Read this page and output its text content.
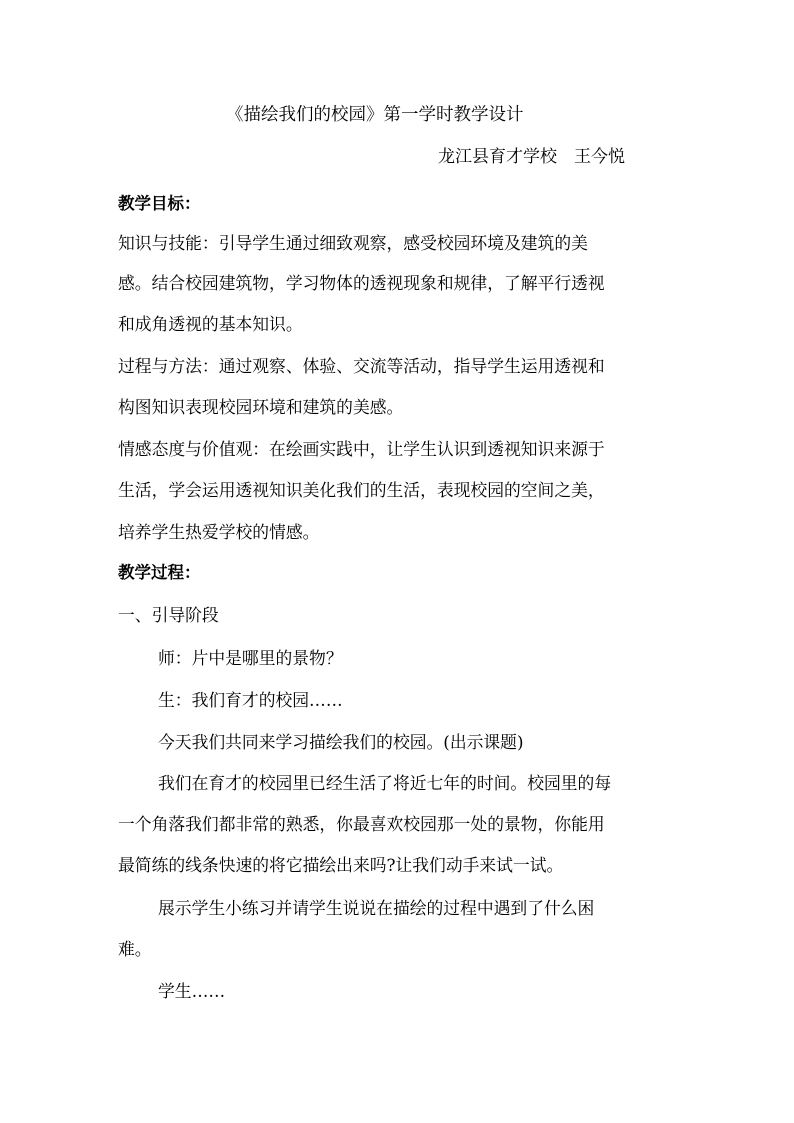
《描绘我们的校园》第一学时教学设计
龙江县育才学校　王今悦
教学目标：
知识与技能：引导学生通过细致观察，感受校园环境及建筑的美
感。结合校园建筑物，学习物体的透视现象和规律，了解平行透视
和成角透视的基本知识。
过程与方法：通过观察、体验、交流等活动，指导学生运用透视和
构图知识表现校园环境和建筑的美感。
情感态度与价值观：在绘画实践中，让学生认识到透视知识来源于
生活，学会运用透视知识美化我们的生活，表现校园的空间之美，
培养学生热爱学校的情感。
教学过程：
一、引导阶段
师：片中是哪里的景物？
生：我们育才的校园……
今天我们共同来学习描绘我们的校园。(出示课题)
我们在育才的校园里已经生活了将近七年的时间。校园里的每
一个角落我们都非常的熟悉，你最喜欢校园那一处的景物，你能用
最简练的线条快速的将它描绘出来吗?让我们动手来试一试。
展示学生小练习并请学生说说在描绘的过程中遇到了什么困
难。
学生……
